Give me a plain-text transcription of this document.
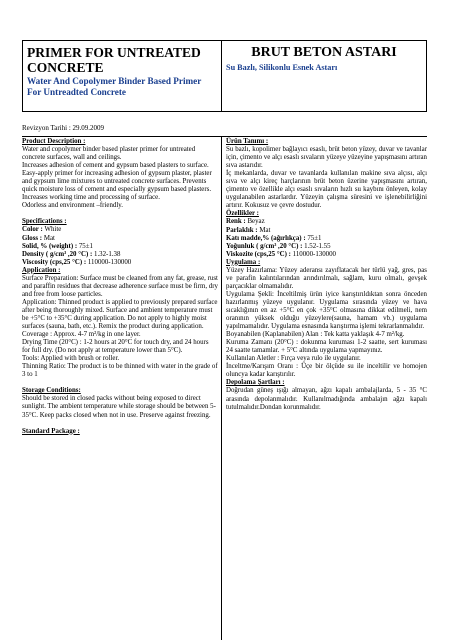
PRIMER FOR UNTREATED CONCRETE
Water And Copolymer Binder Based Primer For Untreadted Concrete
BRUT BETON ASTARI
Su Bazlı, Silikonlu Esnek Astarı
Revizyon Tarihi : 29.09.2009
Product Description :
Water and copolymer binder based plaster primer for untreated concrete surfaces, wall and ceilings.
Increases adhesion of cement and gypsum based plasters to surface.
Easy-apply primer for increasing adhesion of gypsum plaster, plaster and gypsum lime mixtures to untreated concrete surfaces. Prevents quick moisture loss of cement and especially gypsum based plasters.
Increases working time and processing of surface.
Odorless and environment –friendly.
Specifications :
Color : White
Gloss : Mat
Solid, % (weight) : 75±1
Density ( g/cm³ ,20 °C) : 1.32-1.38
Viscosity (cps,25 °C) : 110000-130000
Application :
Surface Preparation: Surface must be cleaned from any fat, grease, rust and paraffin residues that decrease adherence surface must be firm, dry and free from loose particles.
Application: Thinned product is applied to previously prepared surface after being thoroughly mixed. Surface and ambient temperature must be +5°C to +35°C during application. Do not apply to highly moist surfaces (sauna, bath, etc.). Remix the product during application.
Coverage : Approx. 4-7 m²/kg in one layer.
Drying Time (20°C) : 1-2 hours at 20°C for touch dry, and 24 hours for full dry. (Do not apply at temperature lower than 5°C).
Tools: Applied with brush or roller.
Thinning Ratio: The product is to be thinned with water in the grade of 3 to 1
Storage Conditions:
Should be stored in closed packs without being exposed to direct sunlight. The ambient temperature while storage should be between 5-35°C. Keep packs closed when not in use. Preserve against freezing.
Standard Package :
Ürün Tanımı :
Su bazlı, kopolimer bağlayıcı esaslı, brüt beton yüzey, duvar ve tavanlar için, çimento ve alçı esaslı sıvaların yüzeye yüzeyine yapışmasını artıran sıva astarıdır.
İç mekanlarda, duvar ve tavanlarda kullanılan makine sıva alçısı, alçı sıva ve alçı kireç harçlarının brüt beton üzerine yapışmasını artıran, çimento ve özellikle alçı esaslı sıvaların hızlı su kaybını önleyen, kolay uygulanabilen astarlardır. Yüzeyin çalışma süresini ve işlenebilirliğini artırır. Kokusuz ve çevre dostudur.
Özellikler :
Renk : Beyaz
Parlaklık : Mat
Katı madde,% (ağırlıkça) : 75±1
Yoğunluk ( g/cm³ ,20 °C) : 1.52-1.55
Viskozite (cps,25 °C) : 110000-130000
Uygulama :
Yüzey Hazırlama: Yüzey aderansı zayıflatacak her türlü yağ, gres, pas ve parafin kalıntılarından arındırılmalı, sağlam, kuru olmalı, gevşek parçacıklar olmamalıdır.
Uygulama Şekli: İnceltilmiş ürün iyice karıştırıldıktan sonra önceden hazırlanmış yüzeye uygulanır. Uygulama sırasında yüzey ve hava sıcaklığının en az +5°C en çok +35°C olmasına dikkat edilmeli, nem oranının yüksek olduğu yüzeylere(sauna, hamam vb.) uygulama yapılmamalıdır. Uygulama esnasında karıştırma işlemi tekrarlanmalıdır.
Boyanabilen (Kaplanabilen) Alan : Tek katta yaklaşık 4-7 m²/kg.
Kuruma Zamanı (20°C) : dokunma kuruması 1-2 saatte, sert kuruması 24 saatte tamamlar. + 5°C altında uygulama yapmayınız.
Kullanılan Aletler : Fırça veya rulo ile uygulanır.
İnceltme/Karışım Oranı : Üçe bir ölçüde su ile inceltilir ve homojen oluncya kadar karıştırılır.
Depolama Şartları :
Doğrudan güneş ışığı almayan, ağzı kapalı ambalajlarda, 5 - 35 °C arasında depolanmalıdır. Kullanılmadığında ambalajın ağzı kapalı tutulmalıdır.Dondan korunmalıdır.
